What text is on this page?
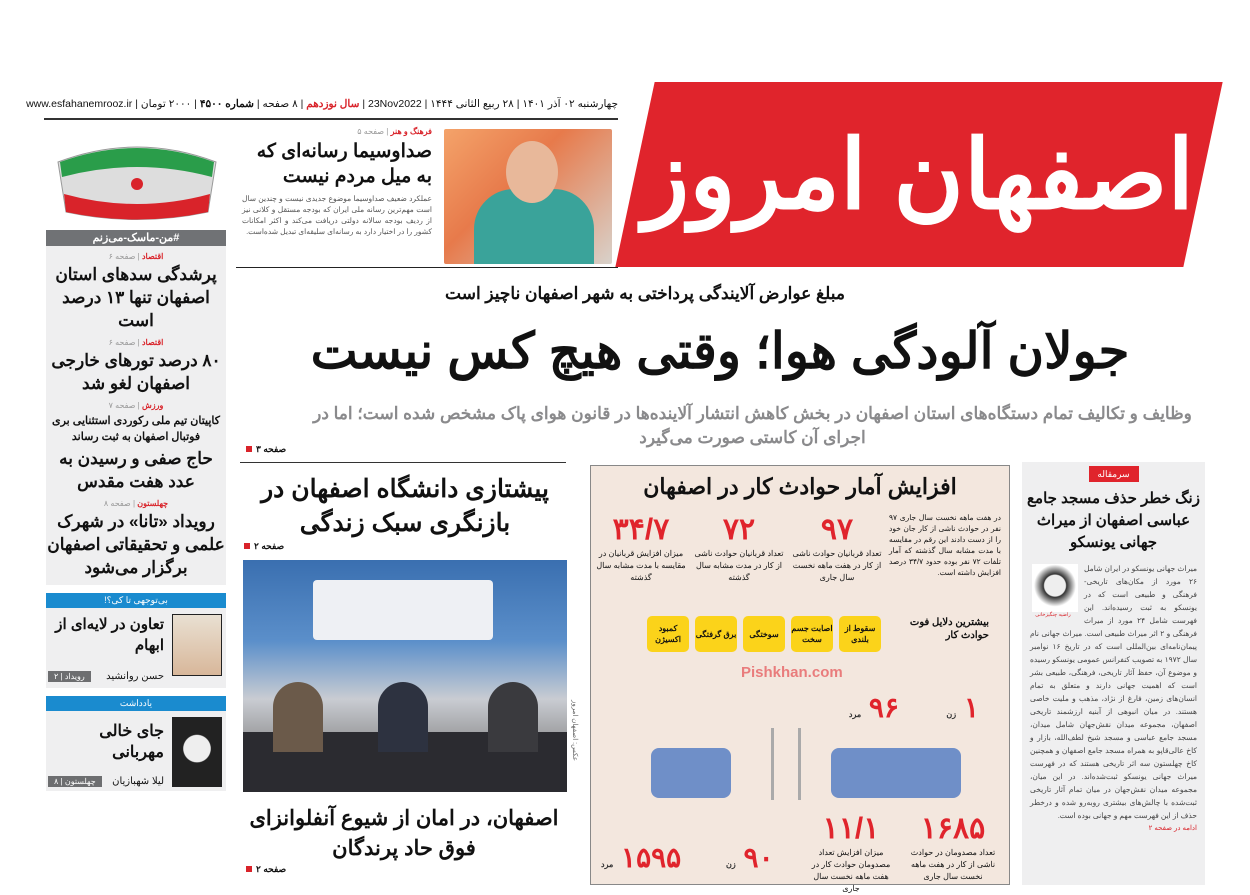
اصفهان امروز
چهارشنبه ۰۲ آذر ۱۴۰۱ | ۲۸ ربیع الثانی ۱۴۴۴ | 23Nov2022 | سال نوزدهم | ۸ صفحه | شماره ۴۵۰۰ | ۲۰۰۰ تومان | www.esfahanemrooz.ir
#من-ماسک-می‌زنم
اقتصاد | صفحه ۶
پرشدگی سدهای استان اصفهان تنها ۱۳ درصد است
اقتصاد | صفحه ۶
۸۰ درصد تورهای خارجی اصفهان لغو شد
ورزش | صفحه ۷
کاپیتان تیم ملی رکوردی استثنایی بری فوتبال اصفهان به ثبت رساند
حاج صفی و رسیدن به عدد هفت مقدس
چهلستون | صفحه ۸
رویداد «تانا» در شهرک علمی و تحقیقاتی اصفهان برگزار می‌شود
بی‌توجهی تا کی؟!
تعاون در لایه‌ای از ابهام
حسن روانشید
رویداد | ۲
یادداشت
جای خالی مهربانی
لیلا شهبازیان
چهلستون | ۸
فرهنگ و هنر | صفحه ۵
صداوسیما رسانه‌ای که به میل مردم نیست
عملکرد ضعیف صداوسیما موضوع جدیدی نیست و چندین سال است مهم‌ترین رسانه ملی ایران که بودجه مستقل و کلانی نیز از ردیف بودجه سالانه دولتی دریافت می‌کند و اکثر امکانات کشور را در اختیار دارد به رسانه‌ای سلیقه‌ای تبدیل شده‌است.
مبلغ عوارض آلایندگی پرداختی به شهر اصفهان ناچیز است
جولان آلودگی هوا؛ وقتی هیچ کس نیست
وظایف و تکالیف تمام دستگاه‌های استان اصفهان در بخش کاهش انتشار آلاینده‌ها در قانون هوای پاک مشخص شده است؛ اما در اجرای آن کاستی صورت می‌گیرد
صفحه ۳
پیشتازی دانشگاه اصفهان در بازنگری سبک زندگی
صفحه ۲
عکس: اصفهان امروز
اصفهان، در امان از شیوع آنفلوانزای فوق حاد پرندگان
صفحه ۲
افزایش آمار حوادث کار در اصفهان
در هفت ماهه نخست سال جاری ۹۷ نفر در حوادث ناشی از کار جان خود را از دست دادند این رقم در مقایسه با مدت مشابه سال گذشته که آمار تلفات ۷۲ نفر بوده حدود ۳۴/۷ درصد افزایش داشته است.
۹۷
تعداد قربانیان حوادث ناشی از کار در هفت ماهه نخست سال جاری
۷۲
تعداد قربانیان حوادث ناشی از کار در مدت مشابه سال گذشته
۳۴/۷
میزان افزایش قربانیان در مقایسه با مدت مشابه سال گذشته
بیشترین دلایل فوت حوادث کار
سقوط از بلندی
اصابت جسم سخت
سوختگی
برق گرفتگی
کمبود اکسیژن
Pishkhan.com
۱ زن
۹۶ مرد
۱۶۸۵
تعداد مصدومان در حوادث ناشی از کار در هفت ماهه نخست سال جاری
۱۱/۱
میزان افزایش تعداد مصدومان حوادث کار در هفت ماهه نخست سال جاری
۹۰ زن
۱۵۹۵ مرد
سرمقاله
زنگ خطر حذف مسجد جامع عباسی اصفهان از میراث جهانی یونسکو
راضیه چنگیزخانی
میراث جهانی یونسکو در ایران شامل ۲۶ مورد از مکان‌های تاریخی-فرهنگی و طبیعی است که در یونسکو به ثبت رسیده‌اند. این فهرست شامل ۲۴ مورد از میراث فرهنگی و ۲ اثر میراث طبیعی است. میراث جهانی نام پیمان‌نامه‌ای بین‌المللی است که در تاریخ ۱۶ نوامبر سال ۱۹۷۲ به تصویب کنفرانس عمومی یونسکو رسیده و موضوع آن، حفظ آثار تاریخی، فرهنگی، طبیعی بشر است که اهمیت جهانی دارند و متعلق به تمام انسان‌های زمین، فارغ از نژاد، مذهب و ملیت خاصی هستند. در میان انبوهی از آبنیه ارزشمند تاریخی اصفهان، مجموعه میدان نقش‌جهان شامل میدان، مسجد جامع عباسی و مسجد شیخ لطف‌الله، بازار و کاخ عالی‌قاپو به همراه مسجد جامع اصفهان و همچنین کاخ چهلستون سه اثر تاریخی هستند که در فهرست میراث جهانی یونسکو ثبت‌شده‌اند. در این میان، مجموعه میدان نقش‌جهان در میان تمام آثار تاریخی ثبت‌شده با چالش‌های بیشتری روبه‌رو شده و درخطر حذف از این فهرست مهم و جهانی بوده است.
ادامه در صفحه ۲
